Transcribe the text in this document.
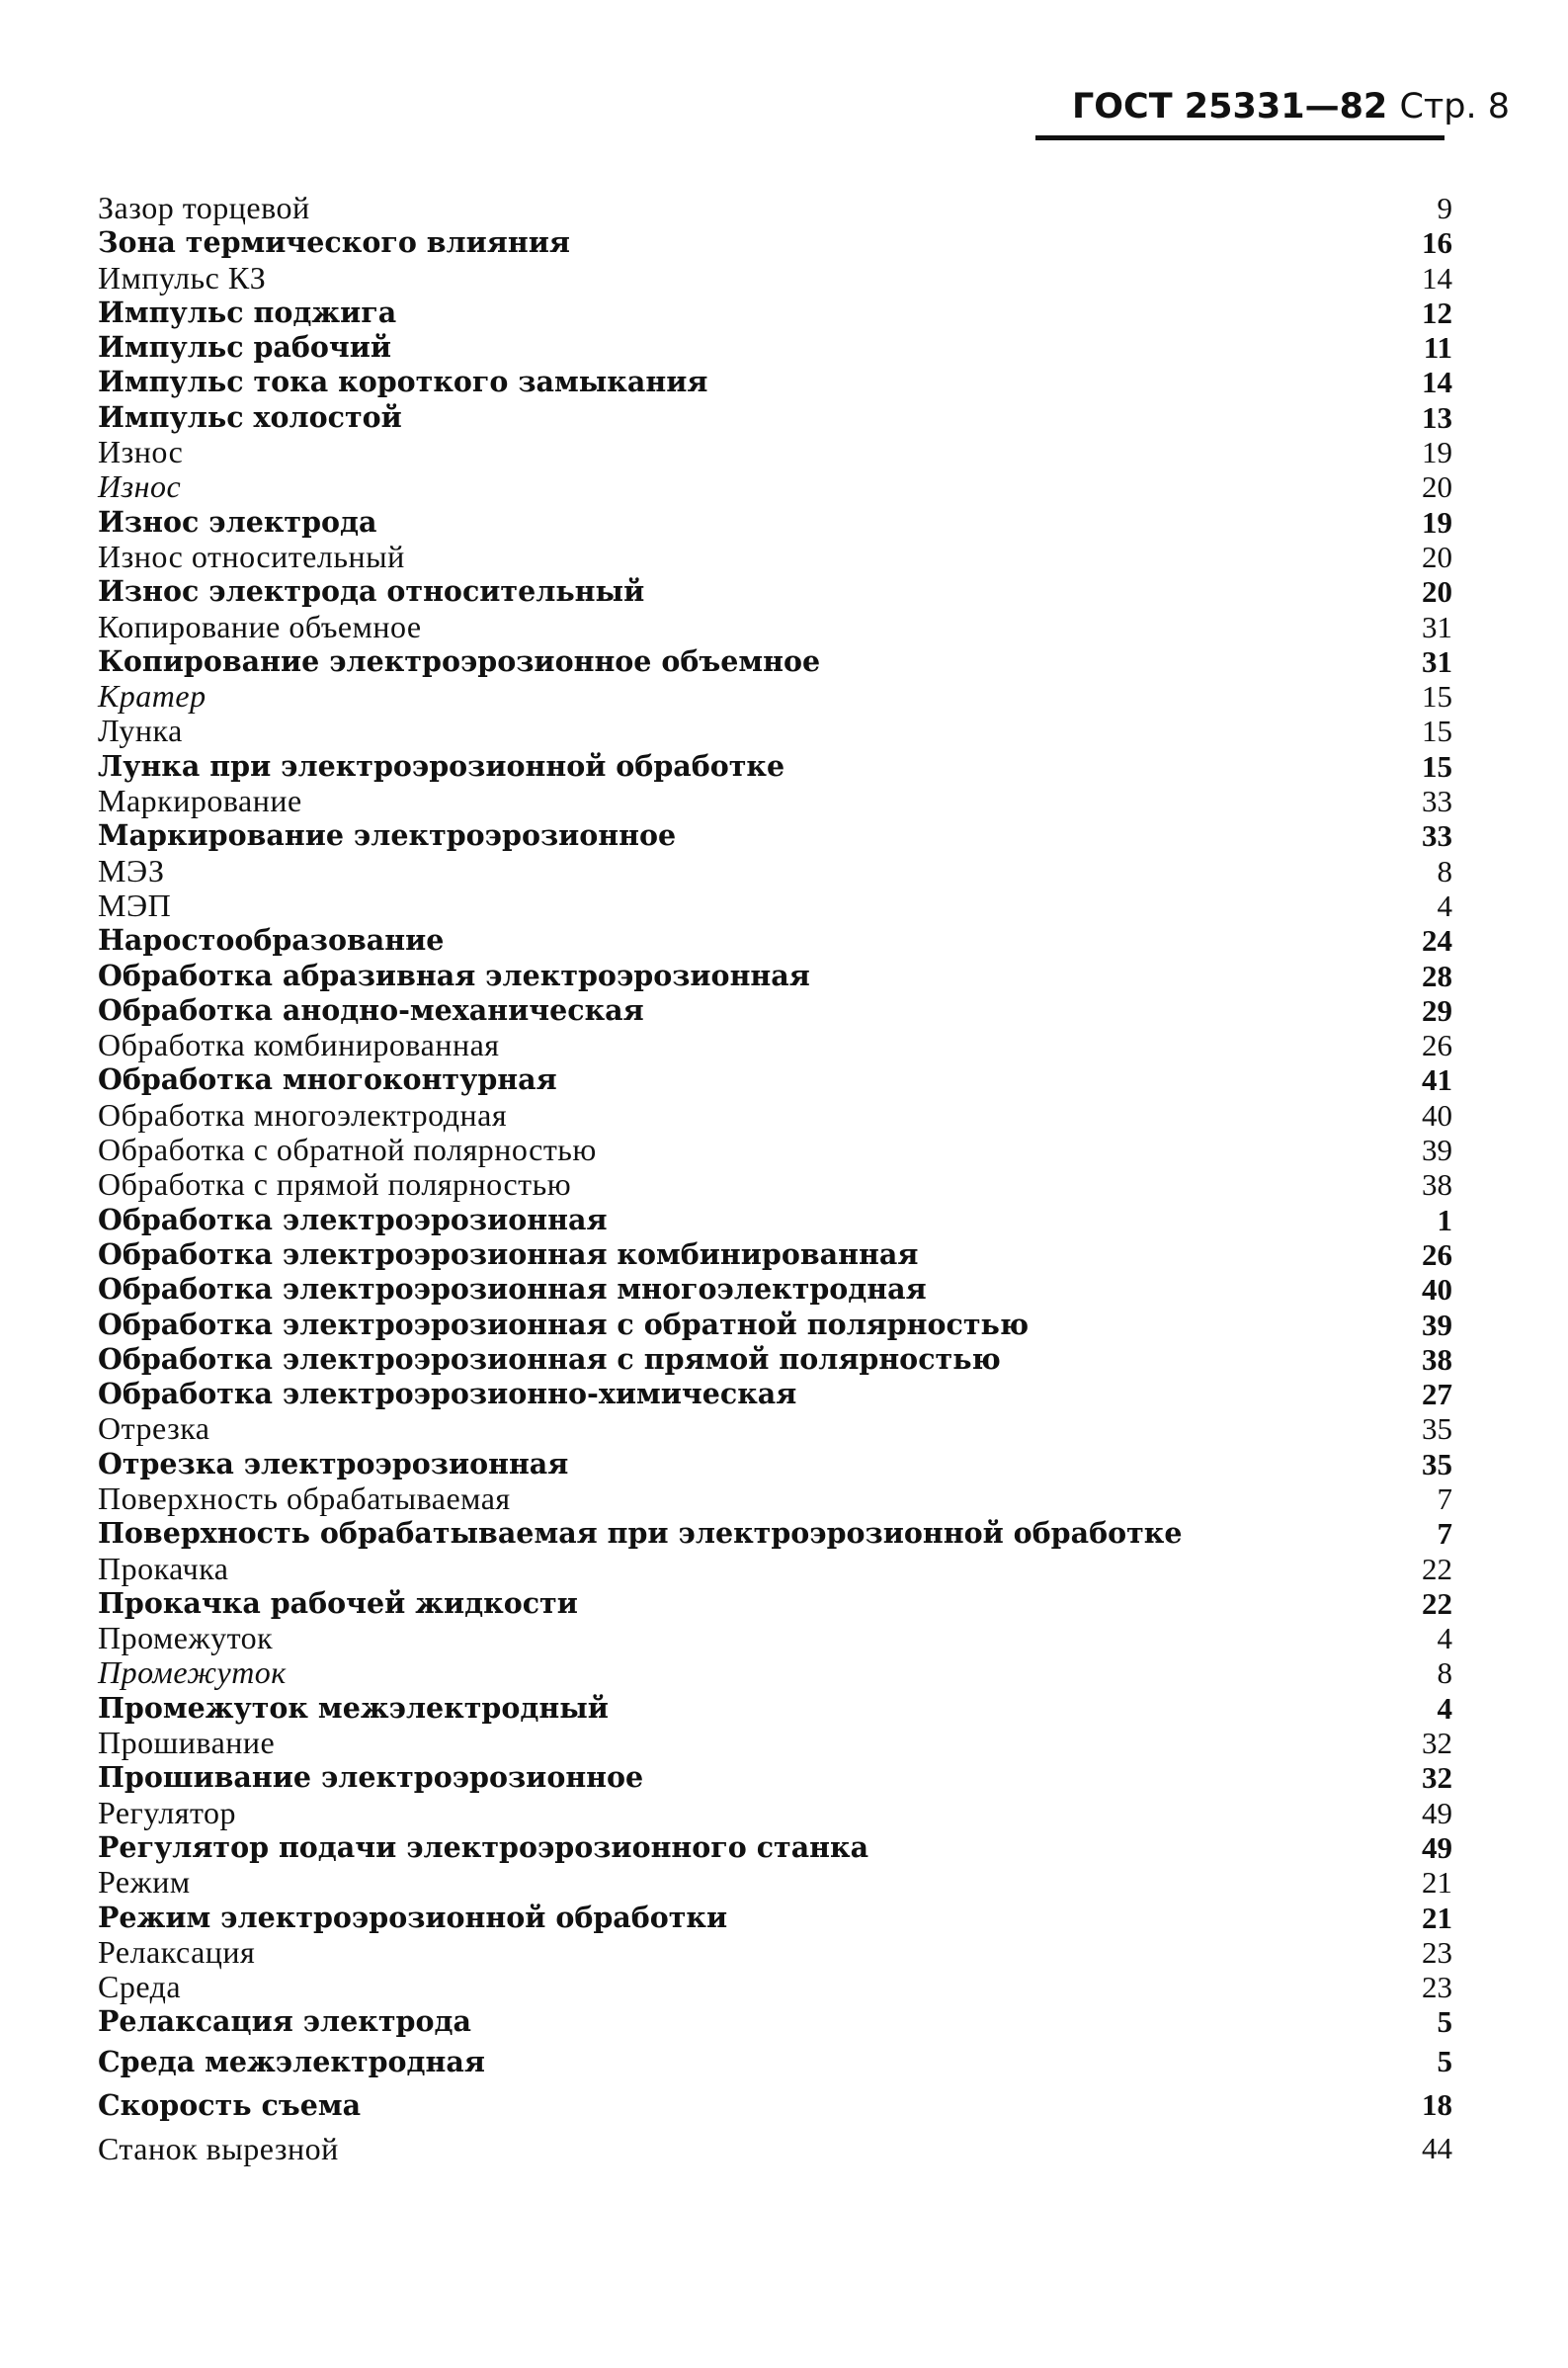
ГОСТ 25331—82 Стр. 8
Зазор торцевой	9
Зона термического влияния	16
Импульс КЗ	14
Импульс поджига	12
Импульс рабочий	11
Импульс тока короткого замыкания	14
Импульс холостой	13
Износ	19
Износ	20
Износ электрода	19
Износ относительный	20
Износ электрода относительный	20
Копирование объемное	31
Копирование электроэрозионное объемное	31
Кратер	15
Лунка	15
Лунка при электроэрозионной обработке	15
Маркирование	33
Маркирование электроэрозионное	33
МЭЗ	8
МЭП	4
Наростообразование	24
Обработка абразивная электроэрозионная	28
Обработка анодно-механическая	29
Обработка комбинированная	26
Обработка многоконтурная	41
Обработка многоэлектродная	40
Обработка с обратной полярностью	39
Обработка с прямой полярностью	38
Обработка электроэрозионная	1
Обработка электроэрозионная комбинированная	26
Обработка электроэрозионная многоэлектродная	40
Обработка электроэрозионная с обратной полярностью	39
Обработка электроэрозионная с прямой полярностью	38
Обработка электроэрозионно-химическая	27
Отрезка	35
Отрезка электроэрозионная	35
Поверхность обрабатываемая	7
Поверхность обрабатываемая при электроэрозионной обработке	7
Прокачка	22
Прокачка рабочей жидкости	22
Промежуток	4
Промежуток	8
Промежуток межэлектродный	4
Прошивание	32
Прошивание электроэрозионное	32
Регулятор	49
Регулятор подачи электроэрозионного станка	49
Режим	21
Режим электроэрозионной обработки	21
Релаксация	23
Среда	23
Релаксация электрода	5
Среда межэлектродная	5
Скорость съема	18
Станок вырезной	44
